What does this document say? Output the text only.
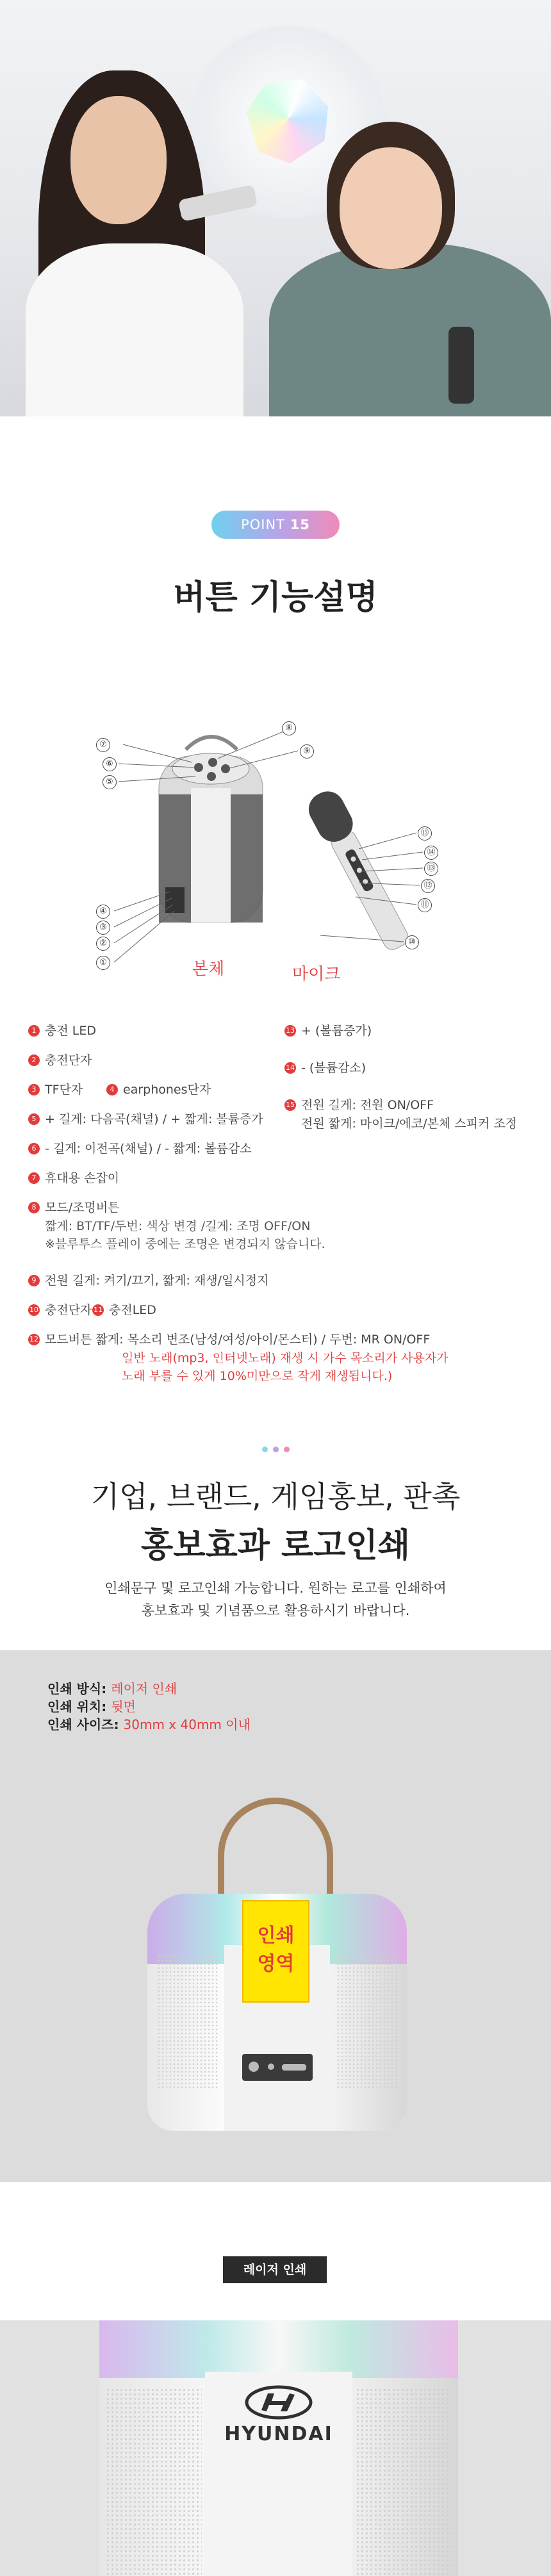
POINT 15
버튼 기능설명
⑦
⑧
⑥
⑨
⑤
⑮
⑭
⑬
⑫
⑪
④
③
②
①
⑩
본체	마이크
1 충전 LED
2 충전단자
3 TF단자	4 earphones단자
5 + 길게: 다음곡(채널) / + 짧게: 볼륨증가
6 - 길게: 이전곡(채널) / - 짧게: 볼륨감소
7 휴대용 손잡이
8 모드/조명버튼
짧게: BT/TF/두번: 색상 변경 /길게: 조명 OFF/ON
※블루투스 플레이 중에는 조명은 변경되지 않습니다.
9 전원 길게: 켜기/끄기, 짧게: 재생/일시정지
10 충전단자 11 충전LED
12 모드버튼 짧게: 목소리 변조(남성/여성/아이/몬스터) / 두번: MR ON/OFF
일반 노래(mp3, 인터넷노래) 재생 시 가수 목소리가 사용자가
노래 부를 수 있게 10%미만으로 작게 재생됩니다.)
13 + (볼륨증가)
14 - (볼륨감소)
15 전원 길게: 전원 ON/OFF
전원 짧게: 마이크/에코/본체 스피커 조정
기업, 브랜드, 게임홍보, 판촉
홍보효과 로고인쇄
인쇄문구 및 로고인쇄 가능합니다. 원하는 로고를 인쇄하여
홍보효과 및 기념품으로 활용하시기 바랍니다.
인쇄 방식: 레이저 인쇄
인쇄 위치: 뒷면
인쇄 사이즈: 30mm x 40mm 이내
인쇄
영역
레이저 인쇄
HYUNDAI
